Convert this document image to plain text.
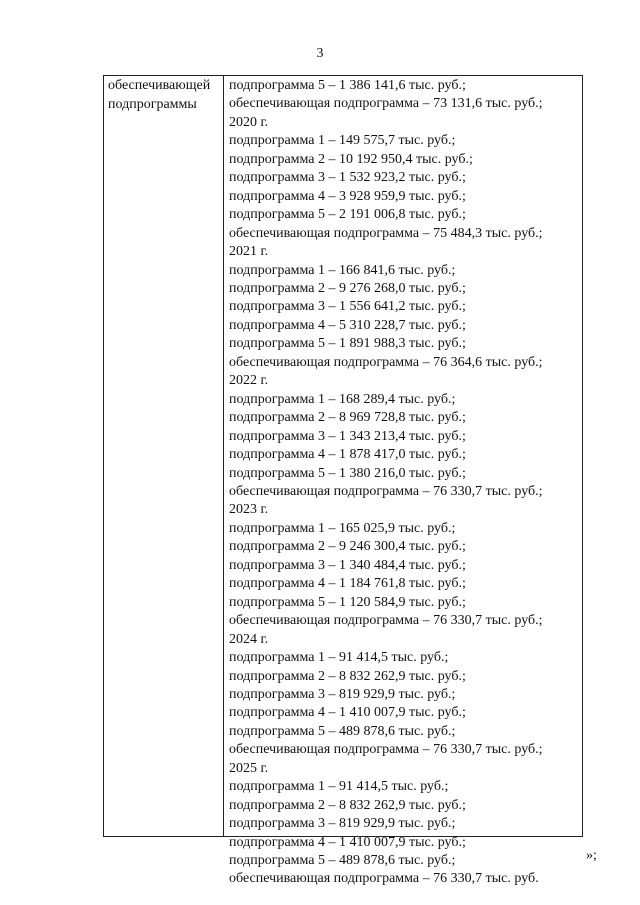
3
обеспечивающей
подпрограммы
подпрограмма 5 – 1 386 141,6 тыс. руб.;
обеспечивающая подпрограмма – 73 131,6 тыс. руб.;
2020 г.
подпрограмма 1 – 149 575,7 тыс. руб.;
подпрограмма 2 – 10 192 950,4 тыс. руб.;
подпрограмма 3 – 1 532 923,2 тыс. руб.;
подпрограмма 4 – 3 928 959,9 тыс. руб.;
подпрограмма 5 – 2 191 006,8 тыс. руб.;
обеспечивающая подпрограмма – 75 484,3 тыс. руб.;
2021 г.
подпрограмма 1 – 166 841,6 тыс. руб.;
подпрограмма 2 – 9 276 268,0 тыс. руб.;
подпрограмма 3 – 1 556 641,2 тыс. руб.;
подпрограмма 4 – 5 310 228,7 тыс. руб.;
подпрограмма 5 – 1 891 988,3 тыс. руб.;
обеспечивающая подпрограмма – 76 364,6 тыс. руб.;
2022 г.
подпрограмма 1 – 168 289,4 тыс. руб.;
подпрограмма 2 – 8 969 728,8 тыс. руб.;
подпрограмма 3 – 1 343 213,4 тыс. руб.;
подпрограмма 4 – 1 878 417,0 тыс. руб.;
подпрограмма 5 – 1 380 216,0 тыс. руб.;
обеспечивающая подпрограмма – 76 330,7 тыс. руб.;
2023 г.
подпрограмма 1 – 165 025,9 тыс. руб.;
подпрограмма 2 – 9 246 300,4 тыс. руб.;
подпрограмма 3 – 1 340 484,4 тыс. руб.;
подпрограмма 4 – 1 184 761,8 тыс. руб.;
подпрограмма 5 – 1 120 584,9 тыс. руб.;
обеспечивающая подпрограмма – 76 330,7 тыс. руб.;
2024 г.
подпрограмма 1 – 91 414,5 тыс. руб.;
подпрограмма 2 – 8 832 262,9 тыс. руб.;
подпрограмма 3 – 819 929,9 тыс. руб.;
подпрограмма 4 – 1 410 007,9 тыс. руб.;
подпрограмма 5 – 489 878,6 тыс. руб.;
обеспечивающая подпрограмма – 76 330,7 тыс. руб.;
2025 г.
подпрограмма 1 – 91 414,5 тыс. руб.;
подпрограмма 2 – 8 832 262,9 тыс. руб.;
подпрограмма 3 – 819 929,9 тыс. руб.;
подпрограмма 4 – 1 410 007,9 тыс. руб.;
подпрограмма 5 – 489 878,6 тыс. руб.;
обеспечивающая подпрограмма – 76 330,7 тыс. руб.
»;
